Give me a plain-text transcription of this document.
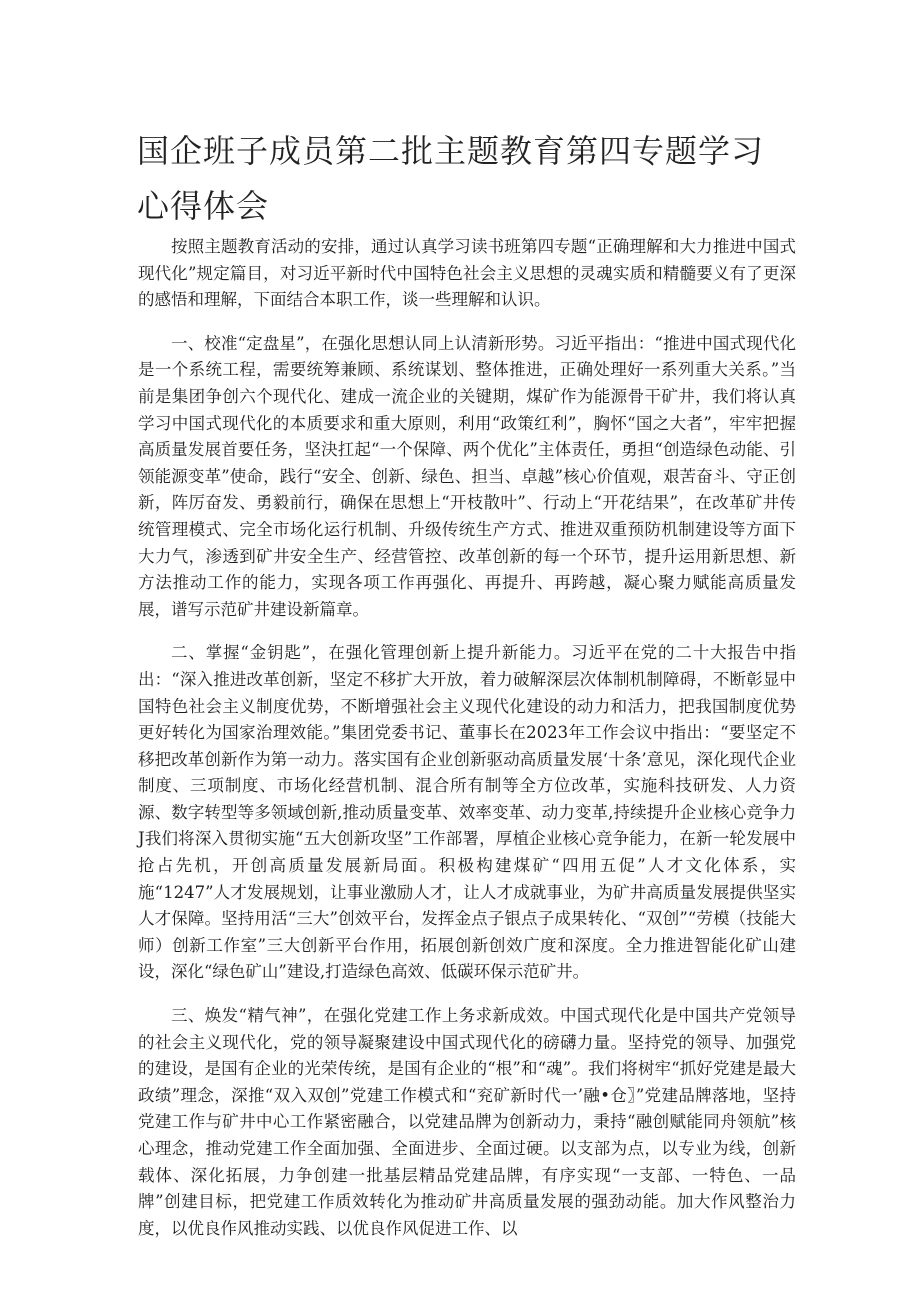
国企班子成员第二批主题教育第四专题学习心得体会

按照主题教育活动的安排，通过认真学习读书班第四专题“正确理解和大力推进中国式现代化”规定篇目，对习近平新时代中国特色社会主义思想的灵魂实质和精髓要义有了更深的感悟和理解，下面结合本职工作，谈一些理解和认识。

一、校准“定盘星”，在强化思想认同上认清新形势。习近平指出：“推进中国式现代化是一个系统工程，需要统筹兼顾、系统谋划、整体推进，正确处理好一系列重大关系。”当前是集团争创六个现代化、建成一流企业的关键期，煤矿作为能源骨干矿井，我们将认真学习中国式现代化的本质要求和重大原则，利用“政策红利”，胸怀“国之大者”，牢牢把握高质量发展首要任务，坚決扛起“一个保障、两个优化”主体责任，勇担“创造绿色动能、引领能源变革”使命，践行“安全、创新、绿色、担当、卓越”核心价值观，艰苦奋斗、守正创新，阵厉奋发、勇毅前行，确保在思想上“开枝散叶”、行动上“开花结果”，在改革矿井传统管理模式、完全市场化运行机制、升级传统生产方式、推进双重预防机制建设等方面下大力气，渗透到矿井安全生产、经营管控、改革创新的每一个环节，提升运用新思想、新方法推动工作的能力，实现各项工作再强化、再提升、再跨越，凝心聚力赋能高质量发展，谱写示范矿井建设新篇章。

二、掌握“金钥匙”，在强化管理创新上提升新能力。习近平在党的二十大报告中指出：“深入推进改革创新，坚定不移扩大开放，着力破解深层次体制机制障碍，不断彰显中国特色社会主义制度优势，不断增强社会主义现代化建设的动力和活力，把我国制度优势更好转化为国家治理效能。”集团党委书记、董事长在2023年工作会议中指出：“要坚定不移把改革创新作为第一动力。落实国有企业创新驱动高质量发展‘十条’意见，深化现代企业制度、三项制度、市场化经营机制、混合所有制等全方位改革，实施科技研发、人力资源、数字转型等多领域创新,推动质量变革、效率变革、动力变革,持续提升企业核心竞争力J我们将深入贯彻实施“五大创新攻坚”工作部署，厚植企业核心竞争能力，在新一轮发展中抢占先机，开创高质量发展新局面。积极构建煤矿“四用五促”人才文化体系，实施“1247”人才发展规划，让事业激励人才，让人才成就事业，为矿井高质量发展提供坚实人才保障。坚持用活“三大”创效平台，发挥金点子银点子成果转化、“双创”“劳模（技能大师）创新工作室”三大创新平台作用，拓展创新创效广度和深度。全力推进智能化矿山建设，深化“绿色矿山”建设,打造绿色高效、低碳环保示范矿井。

三、焕发“精气神”，在强化党建工作上务求新成效。中国式现代化是中国共产党领导的社会主义现代化，党的领导凝聚建设中国式现代化的磅礴力量。坚持党的领导、加强党的建设，是国有企业的光荣传统，是国有企业的“根”和“魂”。我们将树牢“抓好党建是最大政绩”理念，深推“双入双创”党建工作模式和“兖矿新时代一’融•仓〗”党建品牌落地，坚持党建工作与矿井中心工作紧密融合，以党建品牌为创新动力，秉持“融创赋能同舟领航”核心理念，推动党建工作全面加强、全面进步、全面过硬。以支部为点，以专业为线，创新载体、深化拓展，力争创建一批基层精品党建品牌，有序实现“一支部、一特色、一品牌”创建目标，把党建工作质效转化为推动矿井高质量发展的强劲动能。加大作风整治力度，以优良作风推动实践、以优良作风促进工作、以
